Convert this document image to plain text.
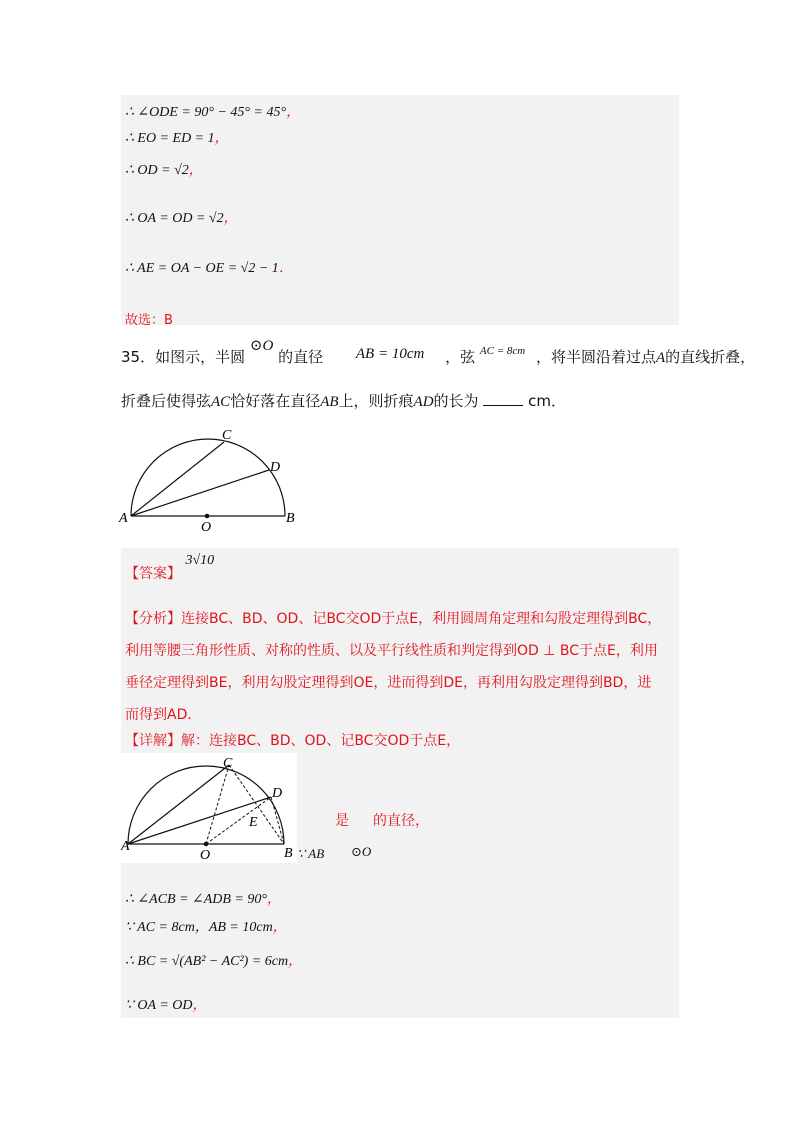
∴ ∠ODE = 90° − 45° = 45°，
∴ EO = ED = 1，
∴ OD = √2，
∴ OA = OD = √2，
∴ AE = OA − OE = √2 − 1．
故选：B
35．如图示，半圆 ⊙O 的直径 AB = 10cm ，弦 $^{AC = 8cm}$ ，将半圆沿着过点A的直线折叠，
折叠后使得弦AC恰好落在直径AB上，则折痕AD的长为	cm．
A	B
C
D
O
【答案】 3√10
【分析】连接BC、BD、OD、记BC交OD于点E，利用圆周角定理和勾股定理得到BC，
利用等腰三角形性质、对称的性质、以及平行线性质和判定得到OD ⊥ BC于点E，利用
垂径定理得到BE，利用勾股定理得到OE，进而得到DE，再利用勾股定理得到BD，进
而得到AD．
【详解】解：连接BC、BD、OD、记BC交OD于点E，
A	B
C
D
E
O
是 的直径，
∵ AB ⊙O
∴ ∠ACB = ∠ADB = 90°，
∵ AC = 8cm，AB = 10cm，
∴ BC = √(AB² − AC²) = 6cm，
∵ OA = OD，
